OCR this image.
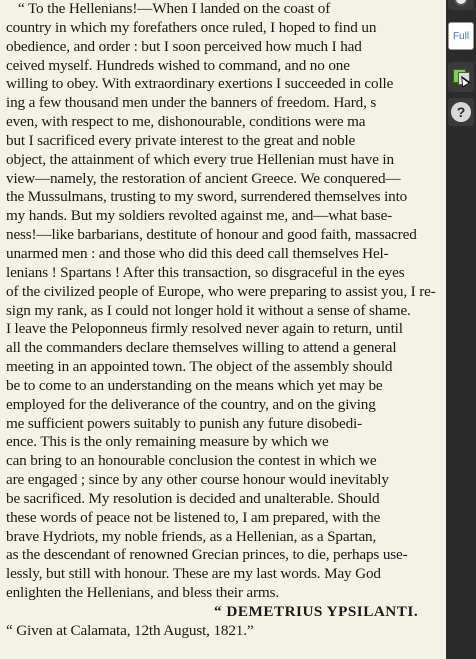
“ To the Hellenians!—When I landed on the coast of
country in which my forefathers once ruled, I hoped to find un
obedience, and order : but I soon perceived how much I had
ceived myself. Hundreds wished to command, and no one
willing to obey. With extraordinary exertions I succeeded in colle
ing a few thousand men under the banners of freedom. Hard, s
even, with respect to me, dishonourable, conditions were ma
but I sacrificed every private interest to the great and noble
object, the attainment of which every true Hellenian must have in
view—namely, the restoration of ancient Greece. We conquered—
the Mussulmans, trusting to my sword, surrendered themselves into
my hands. But my soldiers revolted against me, and—what base-
ness!—like barbarians, destitute of honour and good faith, massacred
unarmed men : and those who did this deed call themselves Hel-
lenians ! Spartans ! After this transaction, so disgraceful in the eyes
of the civilized people of Europe, who were preparing to assist you, I re-
sign my rank, as I could not longer hold it without a sense of shame.
I leave the Peloponneus firmly resolved never again to return, until
all the commanders declare themselves willing to attend a general
meeting in an appointed town. The object of the assembly should
be to come to an understanding on the means which yet may be
employed for the deliverance of the country, and on the giving
me sufficient powers suitably to punish any future disobedi-
ence. This is the only remaining measure by which we
can bring to an honourable conclusion the contest in which we
are engaged ; since by any other course honour would inevitably
be sacrificed. My resolution is decided and unalterable. Should
these words of peace not be listened to, I am prepared, with the
brave Hydriots, my noble friends, as a Hellenian, as a Spartan,
as the descendant of renowned Grecian princes, to die, perhaps use-
lessly, but still with honour. These are my last words. May God
enlighten the Hellenians, and bless their arms.
“ DEMETRIUS YPSILANTI.
“ Given at Calamata, 12th August, 1821.”
Full
?
